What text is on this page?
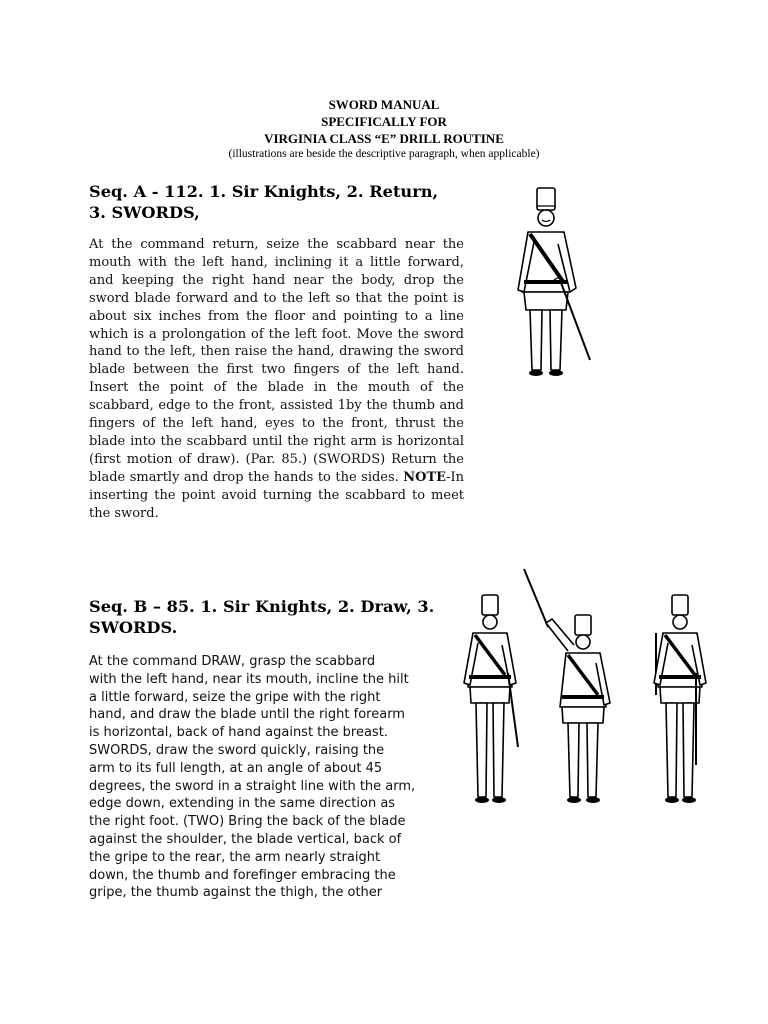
SWORD MANUAL
SPECIFICALLY FOR
VIRGINIA CLASS “E” DRILL ROUTINE
(illustrations are beside the descriptive paragraph, when applicable)
Seq. A - 112. 1. Sir Knights, 2. Return,
3. SWORDS,

At the command return, seize the scabbard near the mouth with the left hand, inclining it a little forward, and keeping the right hand near the body, drop the sword blade forward and to the left so that the point is about six inches from the floor and pointing to a line which is a prolongation of the left foot. Move the sword hand to the left, then raise the hand, drawing the sword blade between the first two fingers of the left hand. Insert the point of the blade in the mouth of the scabbard, edge to the front, assisted 1by the thumb and fingers of the left hand, eyes to the front, thrust the blade into the scabbard until the right arm is horizontal (first motion of draw). (Par. 85.) (SWORDS) Return the blade smartly and drop the hands to the sides. NOTE-In inserting the point avoid turning the scabbard to meet the sword.

Seq. B – 85. 1. Sir Knights, 2. Draw, 3.
SWORDS.
At the command DRAW, grasp the scabbard
with the left hand, near its mouth, incline the hilt
a little forward, seize the gripe with the right
hand, and draw the blade until the right forearm
is horizontal, back of hand against the breast.
SWORDS, draw the sword quickly, raising the
arm to its full length, at an angle of about 45
degrees, the sword in a straight line with the arm,
edge down, extending in the same direction as
the right foot. (TWO) Bring the back of the blade
against the shoulder, the blade vertical, back of
the gripe to the rear, the arm nearly straight
down, the thumb and forefinger embracing the
gripe, the thumb against the thigh, the other
